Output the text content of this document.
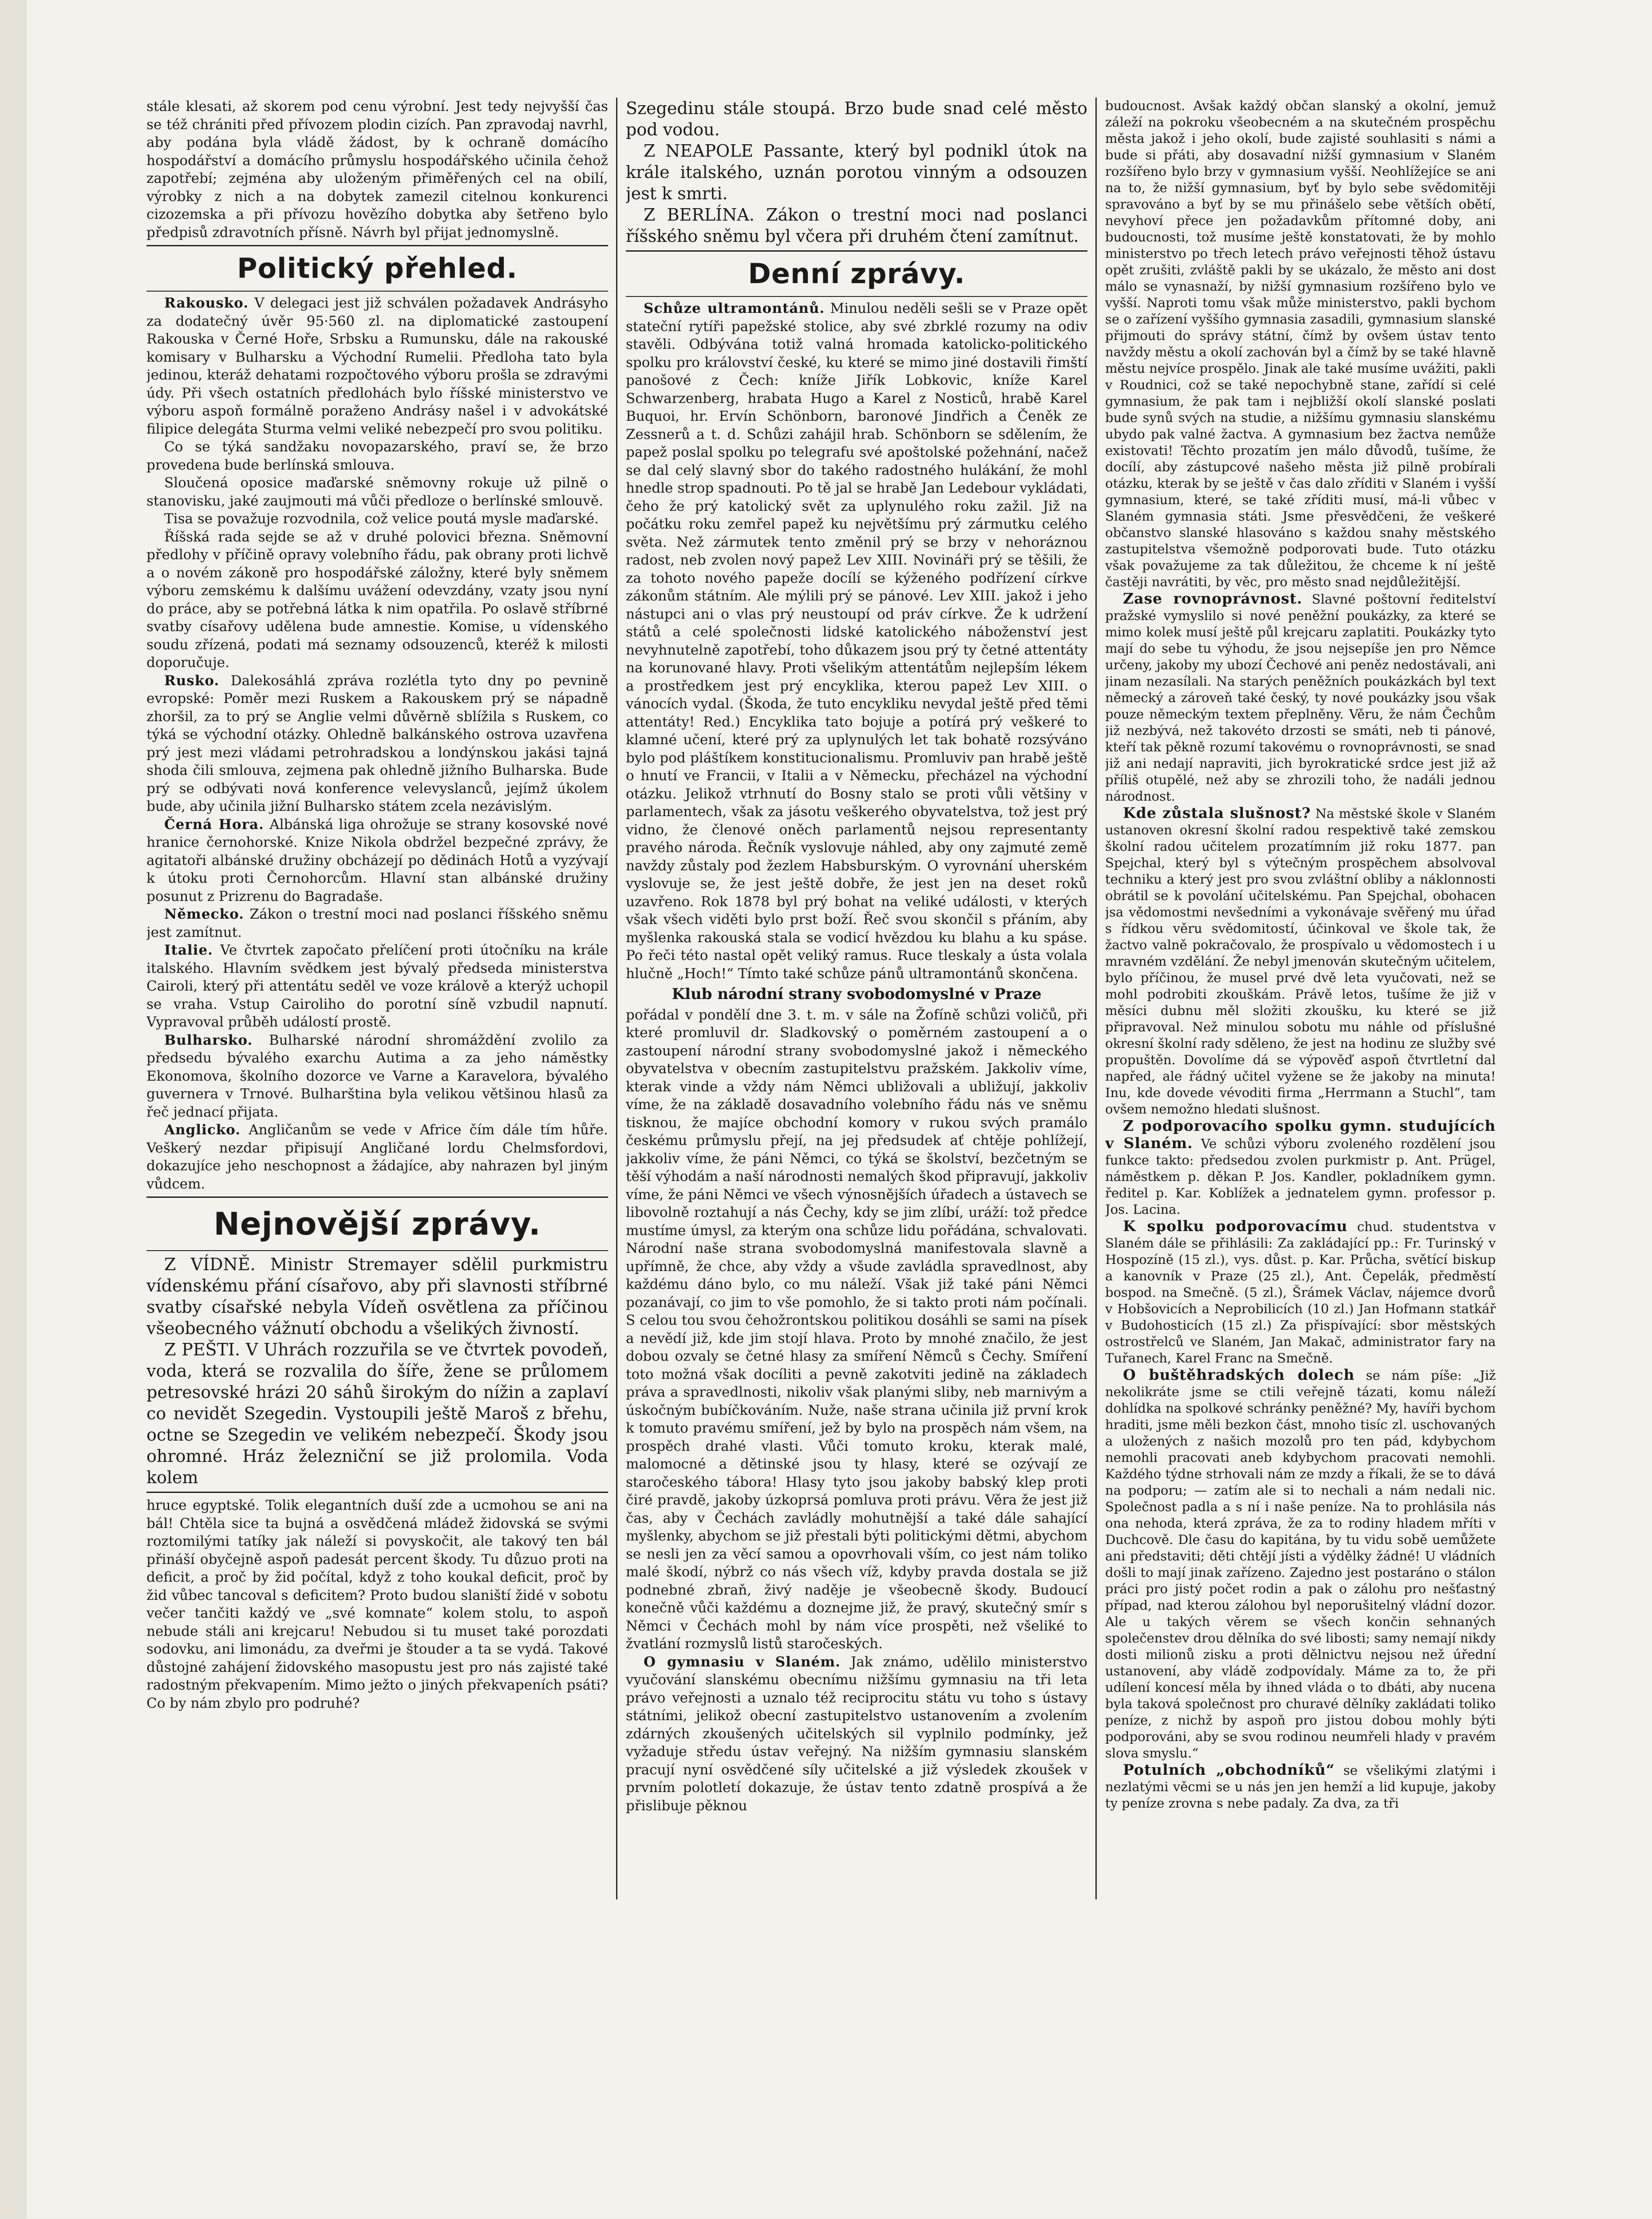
stále klesati, až skorem pod cenu výrobní. Jest tedy nejvyšší čas se též chrániti před přívozem plodin cizích. Pan zpravodaj navrhl, aby podána byla vládě žádost, by k ochraně domácího hospodářství a domácího průmyslu hospodářského učinila čehož zapotřebí; zejména aby uloženým přiměřených cel na obilí, výrobky z nich a na dobytek zamezil citelnou konkurenci cizozemska a při přívozu hovězího dobytka aby šetřeno bylo předpisů zdravotních přísně. Návrh byl přijat jednomyslně.

Politický přehled.

Rakousko. V delegaci jest již schválen požadavek Andrásyho za dodatečný úvěr 95·560 zl. na diplomatické zastoupení Rakouska v Černé Hoře, Srbsku a Rumunsku, dále na rakouské komisary v Bulharsku a Východní Rumelii. Předloha tato byla jedinou, kteráž dehatami rozpočtového výboru prošla se zdravými údy. Při všech ostatních předlohách bylo říšské ministerstvo ve výboru aspoň formálně poraženo Andrásy našel i v advokátské filipice delegáta Sturma velmi veliké nebezpečí pro svou politiku.

Co se týká sandžaku novopazarského, praví se, že brzo provedena bude berlínská smlouva.

Sloučená oposice maďarské sněmovny rokuje už pilně o stanovisku, jaké zaujmouti má vůči předloze o berlínské smlouvě.

Tisa se považuje rozvodnila, což velice poutá mysle maďarské.

Říšská rada sejde se až v druhé polovici března. Sněmovní předlohy v příčině opravy volebního řádu, pak obrany proti lichvě a o novém zákoně pro hospodářské záložny, které byly sněmem výboru zemskému k dalšímu uvážení odevzdány, vzaty jsou nyní do práce, aby se potřebná látka k nim opatřila. Po oslavě stříbrné svatby císařovy udělena bude amnestie. Komise, u vídenského soudu zřízená, podati má seznamy odsouzenců, kteréž k milosti doporučuje.

Rusko. Dalekosáhlá zpráva rozlétla tyto dny po pevnině evropské: Poměr mezi Ruskem a Rakouskem prý se nápadně zhoršil, za to prý se Anglie velmi důvěrně sblížila s Ruskem, co týká se východní otázky. Ohledně balkánského ostrova uzavřena prý jest mezi vládami petrohradskou a londýnskou jakási tajná shoda čili smlouva, zejmena pak ohledně jižního Bulharska. Bude prý se odbývati nová konference velevyslanců, jejímž úkolem bude, aby učinila jižní Bulharsko státem zcela nezávislým.

Černá Hora. Albánská liga ohrožuje se strany kosovské nové hranice černohorské. Knize Nikola obdržel bezpečné zprávy, že agitatoři albánské družiny obcházejí po dědinách Hotů a vyzývají k útoku proti Černohorcům. Hlavní stan albánské družiny posunut z Prizrenu do Bagradaše.

Německo. Zákon o trestní moci nad poslanci říšského sněmu jest zamítnut.

Italie. Ve čtvrtek započato přelíčení proti útočníku na krále italského. Hlavním svědkem jest bývalý předseda ministerstva Cairoli, který při attentátu seděl ve voze králově a kterýž uchopil se vraha. Vstup Cairoliho do porotní síně vzbudil napnutí. Vypravoval průběh událostí prostě.

Bulharsko. Bulharské národní shromáždění zvolilo za předsedu bývalého exarchu Autima a za jeho náměstky Ekonomova, školního dozorce ve Varne a Karavelora, bývalého guvernera v Trnové. Bulharština byla velikou většinou hlasů za řeč jednací přijata.

Anglicko. Angličanům se vede v Africe čím dále tím hůře. Veškerý nezdar připisují Angličané lordu Chelmsfordovi, dokazujíce jeho neschopnost a žádajíce, aby nahrazen byl jiným vůdcem.

Nejnovější zprávy.

Z VÍDNĚ. Ministr Stremayer sdělil purkmistru vídenskému přání císařovo, aby při slavnosti stříbrné svatby císařské nebyla Vídeň osvětlena za příčinou všeobecného vážnutí obchodu a všelikých živností.

Z PEŠTI. V Uhrách rozzuřila se ve čtvrtek povodeň, voda, která se rozvalila do šíře, žene se průlomem petresovské hrázi 20 sáhů širokým do nížin a zaplaví co nevidět Szegedin. Vystoupili ještě Maroš z břehu, octne se Szegedin ve velikém nebezpečí. Škody jsou ohromné. Hráz železniční se již prolomila. Voda kolem

hruce egyptské. Tolik elegantních duší zde a ucmohou se ani na bál! Chtěla sice ta bujná a osvědčená mládež židovská se svými roztomilými tatíky jak náleží si povyskočit, ale takový ten bál přináší obyčejně aspoň padesát percent škody. Tu důzuo proti na deficit, a proč by žid počítal, když z toho koukal deficit, proč by žid vůbec tancoval s deficitem? Proto budou slaniští židé v sobotu večer tančiti každý ve „své komnate“ kolem stolu, to aspoň nebude stáli ani krejcaru! Nebudou si tu muset také porozdati sodovku, ani limonádu, za dveřmi je štouder a ta se vydá. Takové důstojné zahájení židovského masopustu jest pro nás zajisté také radostným překvapením. Mimo ježto o jiných překvapeních psáti? Co by nám zbylo pro podruhé?

Szegedinu stále stoupá. Brzo bude snad celé město pod vodou.

Z NEAPOLE Passante, který byl podnikl útok na krále italského, uznán porotou vinným a odsouzen jest k smrti.

Z BERLÍNA. Zákon o trestní moci nad poslanci říšského sněmu byl včera při druhém čtení zamítnut.

Denní zprávy.

Schůze ultramontánů. Minulou neděli sešli se v Praze opět stateční rytíři papežské stolice, aby své zbrklé rozumy na odiv stavěli. Odbývána totiž valná hromada katolicko-politického spolku pro království české, ku které se mimo jiné dostavili řimští panošové z Čech: kníže Jiřík Lobkovic, kníže Karel Schwarzenberg, hrabata Hugo a Karel z Nosticů, hrabě Karel Buquoi, hr. Ervín Schönborn, baronové Jindřich a Čeněk ze Zessnerů a t. d. Schůzi zahájil hrab. Schönborn se sdělením, že papež poslal spolku po telegrafu své apoštolské požehnání, načež se dal celý slavný sbor do takého radostného hulákání, že mohl hnedle strop spadnouti. Po tě jal se hrabě Jan Ledebour vykládati, čeho že prý katolický svět za uplynulého roku zažil. Již na počátku roku zemřel papež ku největšímu prý zármutku celého světa. Než zármutek tento změnil prý se brzy v nehoráznou radost, neb zvolen nový papež Lev XIII. Novináři prý se těšili, že za tohoto nového papeže docílí se kýženého podřízení církve zákonům státním. Ale mýlili prý se pánové. Lev XIII. jakož i jeho nástupci ani o vlas prý neustoupí od práv církve. Že k udržení států a celé společnosti lidské katolického náboženství jest nevyhnutelně zapotřebí, toho důkazem jsou prý ty četné attentáty na korunované hlavy. Proti všelikým attentátům nejlepším lékem a prostředkem jest prý encyklika, kterou papež Lev XIII. o vánocích vydal. (Škoda, že tuto encykliku nevydal ještě před těmi attentáty! Red.) Encyklika tato bojuje a potírá prý veškeré to klamné učení, které prý za uplynulých let tak bohatě rozsýváno bylo pod pláštíkem konstitucionalismu. Promluviv pan hrabě ještě o hnutí ve Francii, v Italii a v Německu, přecházel na východní otázku. Jelikož vtrhnutí do Bosny stalo se proti vůli většiny v parlamentech, však za jásotu veškerého obyvatelstva, tož jest prý vidno, že členové oněch parlamentů nejsou representanty pravého národa. Řečník vyslovuje náhled, aby ony zajmuté země navždy zůstaly pod žezlem Habsburským. O vyrovnání uherském vyslovuje se, že jest ještě dobře, že jest jen na deset roků uzavřeno. Rok 1878 byl prý bohat na veliké události, v kterých však všech viděti bylo prst boží. Řeč svou skončil s přáním, aby myšlenka rakouská stala se vodicí hvězdou ku blahu a ku spáse. Po řeči této nastal opět veliký ramus. Ruce tleskaly a ústa volala hlučně „Hoch!“ Tímto také schůze pánů ultramontánů skončena.

Klub národní strany svobodomyslné v Praze

pořádal v pondělí dne 3. t. m. v sále na Žofíně schůzi voličů, při které promluvil dr. Sladkovský o poměrném zastoupení a o zastoupení národní strany svobodomyslné jakož i německého obyvatelstva v obecním zastupitelstvu pražském. Jakkoliv víme, kterak vinde a vždy nám Němci ubližovali a ubližují, jakkoliv víme, že na základě dosavadního volebního řádu nás ve sněmu tisknou, že majíce obchodní komory v rukou svých pramálo českému průmyslu přejí, na jej předsudek ať chtěje pohlížejí, jakkoliv víme, že páni Němci, co týká se školství, bezčetným se těší výhodám a naší národnosti nemalých škod připravují, jakkoliv víme, že páni Němci ve všech výnosnějších úřadech a ústavech se libovolně roztahují a nás Čechy, kdy se jim zlíbí, uráží: tož předce mustíme úmysl, za kterým ona schůze lidu pořádána, schvalovati. Národní naše strana svobodomyslná manifestovala slavně a upřímně, že chce, aby vždy a všude zavládla spravedlnost, aby každému dáno bylo, co mu náleží. Však již také páni Němci pozanávají, co jim to vše pomohlo, že si takto proti nám počínali. S celou tou svou čehožrontskou politikou dosáhli se sami na písek a nevědí již, kde jim stojí hlava. Proto by mnohé značilo, že jest dobou ozvaly se četné hlasy za smíření Němců s Čechy. Smíření toto možná však docíliti a pevně zakotviti jedině na základech práva a spravedlnosti, nikoliv však planými sliby, neb marnivým a úskočným bubíčkováním. Nuže, naše strana učinila již první krok k tomuto pravému smíření, jež by bylo na prospěch nám všem, na prospěch drahé vlasti. Vůči tomuto kroku, kterak malé, malomocné a dětinské jsou ty hlasy, které se ozývají ze staročeského tábora! Hlasy tyto jsou jakoby babský klep proti čiré pravdě, jakoby úzkoprsá pomluva proti právu. Věra že jest již čas, aby v Čechách zavládly mohutnější a také dále sahající myšlenky, abychom se již přestali býti politickými dětmi, abychom se nesli jen za věcí samou a opovrhovali vším, co jest nám toliko malé škodí, nýbrž co nás všech víž, kdyby pravda dostala se již podnebné zbraň, živý naděje je všeobecně škody. Budoucí konečně vůči každému a doznejme již, že pravý, skutečný smír s Němci v Čechách mohl by nám více prospěti, než všeliké to žvatlání rozmyslů listů staročeských.

O gymnasiu v Slaném. Jak známo, udělilo ministerstvo vyučování slanskému obecnímu nižšímu gymnasiu na tři leta právo veřejnosti a uznalo též reciprocitu státu vu toho s ústavy státními, jelikož obecní zastupitelstvo ustanovením a zvolením zdárných zkoušených učitelských sil vyplnilo podmínky, jež vyžaduje středu ústav veřejný. Na nižším gymnasiu slanském pracují nyní osvědčené síly učitelské a již výsledek zkoušek v prvním polotletí dokazuje, že ústav tento zdatně prospívá a že přislibuje pěknou

budoucnost. Avšak každý občan slanský a okolní, jemuž záleží na pokroku všeobecném a na skutečném prospěchu města jakož i jeho okolí, bude zajisté souhlasiti s námi a bude si přáti, aby dosavadní nižší gymnasium v Slaném rozšířeno bylo brzy v gymnasium vyšší. Neohlížejíce se ani na to, že nižší gymnasium, byť by bylo sebe svědomitěji spravováno a byť by se mu přinášelo sebe větších obětí, nevyhoví přece jen požadavkům přítomné doby, ani budoucnosti, tož musíme ještě konstatovati, že by mohlo ministerstvo po třech letech právo veřejnosti těhož ústavu opět zrušiti, zvláště pakli by se ukázalo, že město ani dost málo se vynasnaží, by nižší gymnasium rozšířeno bylo ve vyšší. Naproti tomu však může ministerstvo, pakli bychom se o zařízení vyššího gymnasia zasadili, gymnasium slanské přijmouti do správy státní, čímž by ovšem ústav tento navždy městu a okolí zachován byl a čímž by se také hlavně městu nejvíce prospělo. Jinak ale také musíme uvážiti, pakli v Roudnici, což se také nepochybně stane, zařídí si celé gymnasium, že pak tam i nejbližší okolí slanské poslati bude synů svých na studie, a nižšímu gymnasiu slanskému ubydo pak valné žactva. A gymnasium bez žactva nemůže existovati! Těchto prozatím jen málo důvodů, tušíme, že docílí, aby zástupcové našeho města již pilně probírali otázku, kterak by se ještě v čas dalo zříditi v Slaném i vyšší gymnasium, které, se také zříditi musí, má-li vůbec v Slaném gymnasia státi. Jsme přesvědčeni, že veškeré občanstvo slanské hlasováno s každou snahy městského zastupitelstva všemožně podporovati bude. Tuto otázku však považujeme za tak důležitou, že chceme k ní ještě častěji navrátiti, by věc, pro město snad nejdůležitější.

Zase rovnoprávnost. Slavné poštovní ředitelství pražské vymyslilo si nové peněžní poukázky, za které se mimo kolek musí ještě půl krejcaru zaplatiti. Poukázky tyto mají do sebe tu výhodu, že jsou nejsepíše jen pro Němce určeny, jakoby my ubozí Čechové ani peněz nedostávali, ani jinam nezasílali. Na starých peněžních poukázkách byl text německý a zároveň také český, ty nové poukázky jsou však pouze německým textem přeplněny. Věru, že nám Čechům již nezbývá, než takovéto drzosti se smáti, neb ti pánové, kteří tak pěkně rozumí takovému o rovnoprávnosti, se snad již ani nedají napraviti, jich byrokratické srdce jest již až příliš otupělé, než aby se zhrozili toho, že nadáli jednou národnost.

Kde zůstala slušnost? Na městské škole v Slaném ustanoven okresní školní radou respektivě také zemskou školní radou učitelem prozatímním již roku 1877. pan Spejchal, který byl s výtečným prospěchem absolvoval techniku a který jest pro svou zvláštní obliby a náklonnosti obrátil se k povolání učitelskému. Pan Spejchal, obohacen jsa vědomostmi nevšedními a vykonávaje svěřený mu úřad s řídkou věru svědomitostí, účinkoval ve škole tak, že žactvo valně pokračovalo, že prospívalo u vědomostech i u mravném vzdělání. Že nebyl jmenován skutečným učitelem, bylo příčinou, že musel prvé dvě leta vyučovati, než se mohl podrobiti zkouškám. Právě letos, tušíme že již v měsíci dubnu měl složiti zkoušku, ku které se již připravoval. Než minulou sobotu mu náhle od příslušné okresní školní rady sděleno, že jest na hodinu ze služby své propuštěn. Dovolíme dá se výpověď aspoň čtvrtletní dal napřed, ale řádný učitel vyžene se že jakoby na minuta! Inu, kde dovede vévoditi firma „Herrmann a Stuchl“, tam ovšem nemožno hledati slušnost.

Z podporovacího spolku gymn. studujících v Slaném. Ve schůzi výboru zvoleného rozdělení jsou funkce takto: předsedou zvolen purkmistr p. Ant. Prügel, náměstkem p. děkan P. Jos. Kandler, pokladníkem gymn. ředitel p. Kar. Koblížek a jednatelem gymn. professor p. Jos. Lacina.

K spolku podporovacímu chud. studentstva v Slaném dále se přihlásili: Za zakládající pp.: Fr. Turinský v Hospozíně (15 zl.), vys. důst. p. Kar. Průcha, světící biskup a kanovník v Praze (25 zl.), Ant. Čepelák, předměstí bospod. na Smečně. (5 zl.), Šrámek Václav, nájemce dvorů v Hobšovicích a Neprobilicích (10 zl.) Jan Hofmann statkář v Budohosticích (15 zl.) Za přispívající: sbor městských ostrostřelců ve Slaném, Jan Makač, administrator fary na Tuřanech, Karel Franc na Smečně.

O buštěhradských dolech se nám píše: „Již nekolikráte jsme se ctili veřejně tázati, komu náleží dohlídka na spolkové schránky peněžné? My, havíři bychom hraditi, jsme měli bezkon část, mnoho tisíc zl. uschovaných a uložených z našich mozolů pro ten pád, kdybychom nemohli pracovati aneb kdybychom pracovati nemohli. Každého týdne strhovali nám ze mzdy a říkali, že se to dává na podporu; — zatím ale si to nechali a nám nedali nic. Společnost padla a s ní i naše peníze. Na to prohlásila nás ona nehoda, která zpráva, že za to rodiny hladem mříti v Duchcově. Dle času do kapitána, by tu vidu sobě uemůžete ani představiti; děti chtějí jísti a výdělky žádné! U vládních došli to mají jinak zařízeno. Zajedno jest postaráno o stálon práci pro jistý počet rodin a pak o zálohu pro nešťastný případ, nad kterou zálohou byl neporušitelný vládní dozor. Ale u takých věrem se všech končin sehnaných společenstev drou dělníka do své libosti; samy nemají nikdy dosti milionů zisku a proti dělnictvu nejsou než úřední ustanovení, aby vládě zodpovídaly. Máme za to, že při udílení koncesí měla by ihned vláda o to dbáti, aby nucena byla taková společnost pro churavé dělníky zakládati toliko peníze, z nichž by aspoň pro jistou dobou mohly býti podporováni, aby se svou rodinou neumřeli hlady v pravém slova smyslu.“

Potulních „obchodníků“ se všelikými zlatými i nezlatými věcmi se u nás jen jen hemží a lid kupuje, jakoby ty peníze zrovna s nebe padaly. Za dva, za tři
